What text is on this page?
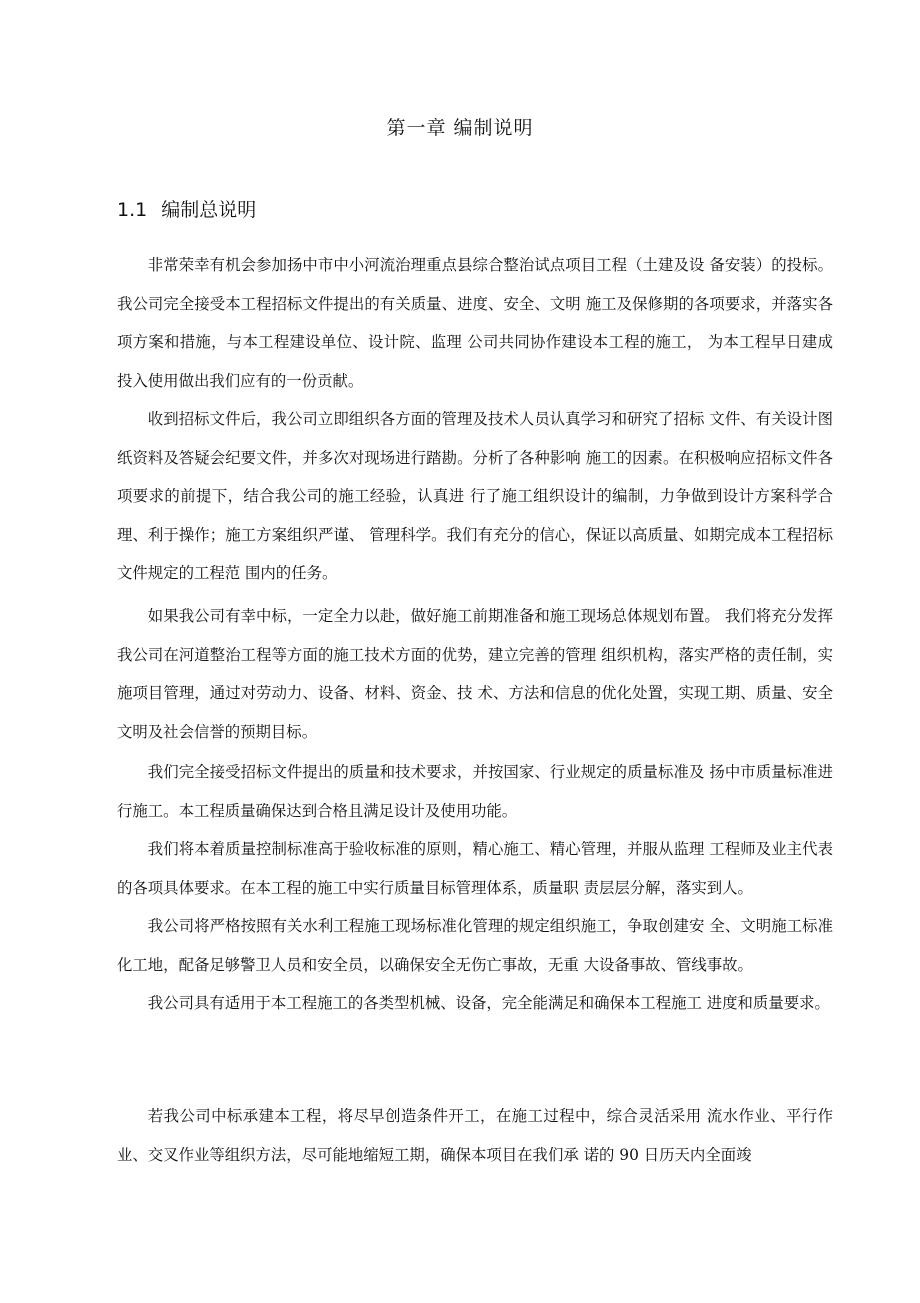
第一章 编制说明
1.1 编制总说明

非常荣幸有机会参加扬中市中小河流治理重点县综合整治试点项目工程（土建及设 备安装）的投标。我公司完全接受本工程招标文件提出的有关质量、进度、安全、文明 施工及保修期的各项要求，并落实各项方案和措施，与本工程建设单位、设计院、监理 公司共同协作建设本工程的施工， 为本工程早日建成投入使用做出我们应有的一份贡献。

收到招标文件后，我公司立即组织各方面的管理及技术人员认真学习和研究了招标 文件、有关设计图纸资料及答疑会纪要文件，并多次对现场进行踏勘。分析了各种影响 施工的因素。在积极响应招标文件各项要求的前提下，结合我公司的施工经验，认真进 行了施工组织设计的编制，力争做到设计方案科学合理、利于操作；施工方案组织严谨、 管理科学。我们有充分的信心，保证以高质量、如期完成本工程招标文件规定的工程范 围内的任务。

如果我公司有幸中标，一定全力以赴，做好施工前期准备和施工现场总体规划布置。 我们将充分发挥我公司在河道整治工程等方面的施工技术方面的优势，建立完善的管理 组织机构，落实严格的责任制，实施项目管理，通过对劳动力、设备、材料、资金、技 术、方法和信息的优化处置，实现工期、质量、安全文明及社会信誉的预期目标。

我们完全接受招标文件提出的质量和技术要求，并按国家、行业规定的质量标准及 扬中市质量标准进行施工。本工程质量确保达到合格且满足设计及使用功能。

我们将本着质量控制标准高于验收标准的原则，精心施工、精心管理，并服从监理 工程师及业主代表的各项具体要求。在本工程的施工中实行质量目标管理体系，质量职 责层层分解，落实到人。

我公司将严格按照有关水利工程施工现场标准化管理的规定组织施工，争取创建安 全、文明施工标准化工地，配备足够警卫人员和安全员，以确保安全无伤亡事故，无重 大设备事故、管线事故。

我公司具有适用于本工程施工的各类型机械、设备，完全能满足和确保本工程施工 进度和质量要求。

若我公司中标承建本工程，将尽早创造条件开工，在施工过程中，综合灵活采用 流水作业、平行作业、交叉作业等组织方法，尽可能地缩短工期，确保本项目在我们承 诺的 90 日历天内全面竣
